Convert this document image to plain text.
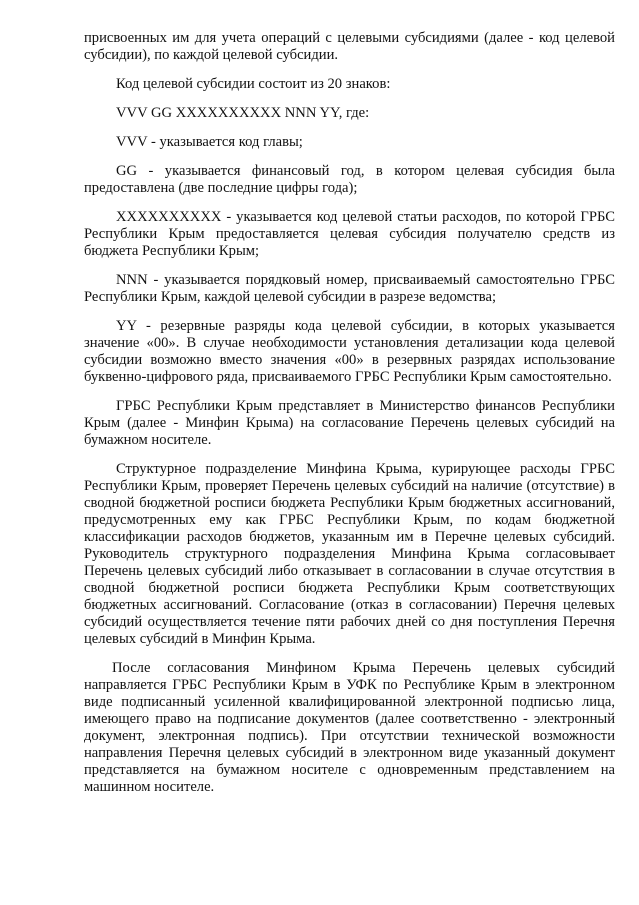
присвоенных им для учета операций с целевыми субсидиями (далее - код целевой субсидии), по каждой целевой субсидии.

Код целевой субсидии состоит из 20 знаков:

VVV GG XXXXXXXXXX NNN YY, где:

VVV - указывается код главы;

GG - указывается финансовый год, в котором целевая субсидия была предоставлена (две последние цифры года);

XXXXXXXXXX - указывается код целевой статьи расходов, по которой ГРБС Республики Крым предоставляется целевая субсидия получателю средств из бюджета Республики Крым;

NNN - указывается порядковый номер, присваиваемый самостоятельно ГРБС Республики Крым, каждой целевой субсидии в разрезе ведомства;

YY - резервные разряды кода целевой субсидии, в которых указывается значение «00». В случае необходимости установления детализации кода целевой субсидии возможно вместо значения «00» в резервных разрядах использование буквенно-цифрового ряда, присваиваемого ГРБС Республики Крым самостоятельно.

ГРБС Республики Крым представляет в Министерство финансов Республики Крым (далее - Минфин Крыма) на согласование Перечень целевых субсидий на бумажном носителе.

Структурное подразделение Минфина Крыма, курирующее расходы ГРБС Республики Крым, проверяет Перечень целевых субсидий на наличие (отсутствие) в сводной бюджетной росписи бюджета Республики Крым бюджетных ассигнований, предусмотренных ему как ГРБС Республики Крым, по кодам бюджетной классификации расходов бюджетов, указанным им в Перечне целевых субсидий. Руководитель структурного подразделения Минфина Крыма согласовывает Перечень целевых субсидий либо отказывает в согласовании в случае отсутствия в сводной бюджетной росписи бюджета Республики Крым соответствующих бюджетных ассигнований. Согласование (отказ в согласовании) Перечня целевых субсидий осуществляется течение пяти рабочих дней со дня поступления Перечня целевых субсидий в Минфин Крыма.

После согласования Минфином Крыма Перечень целевых субсидий направляется ГРБС Республики Крым в УФК по Республике Крым в электронном виде подписанный усиленной квалифицированной электронной подписью лица, имеющего право на подписание документов (далее соответственно - электронный документ, электронная подпись). При отсутствии технической возможности направления Перечня целевых субсидий в электронном виде указанный документ представляется на бумажном носителе с одновременным представлением на машинном носителе.
